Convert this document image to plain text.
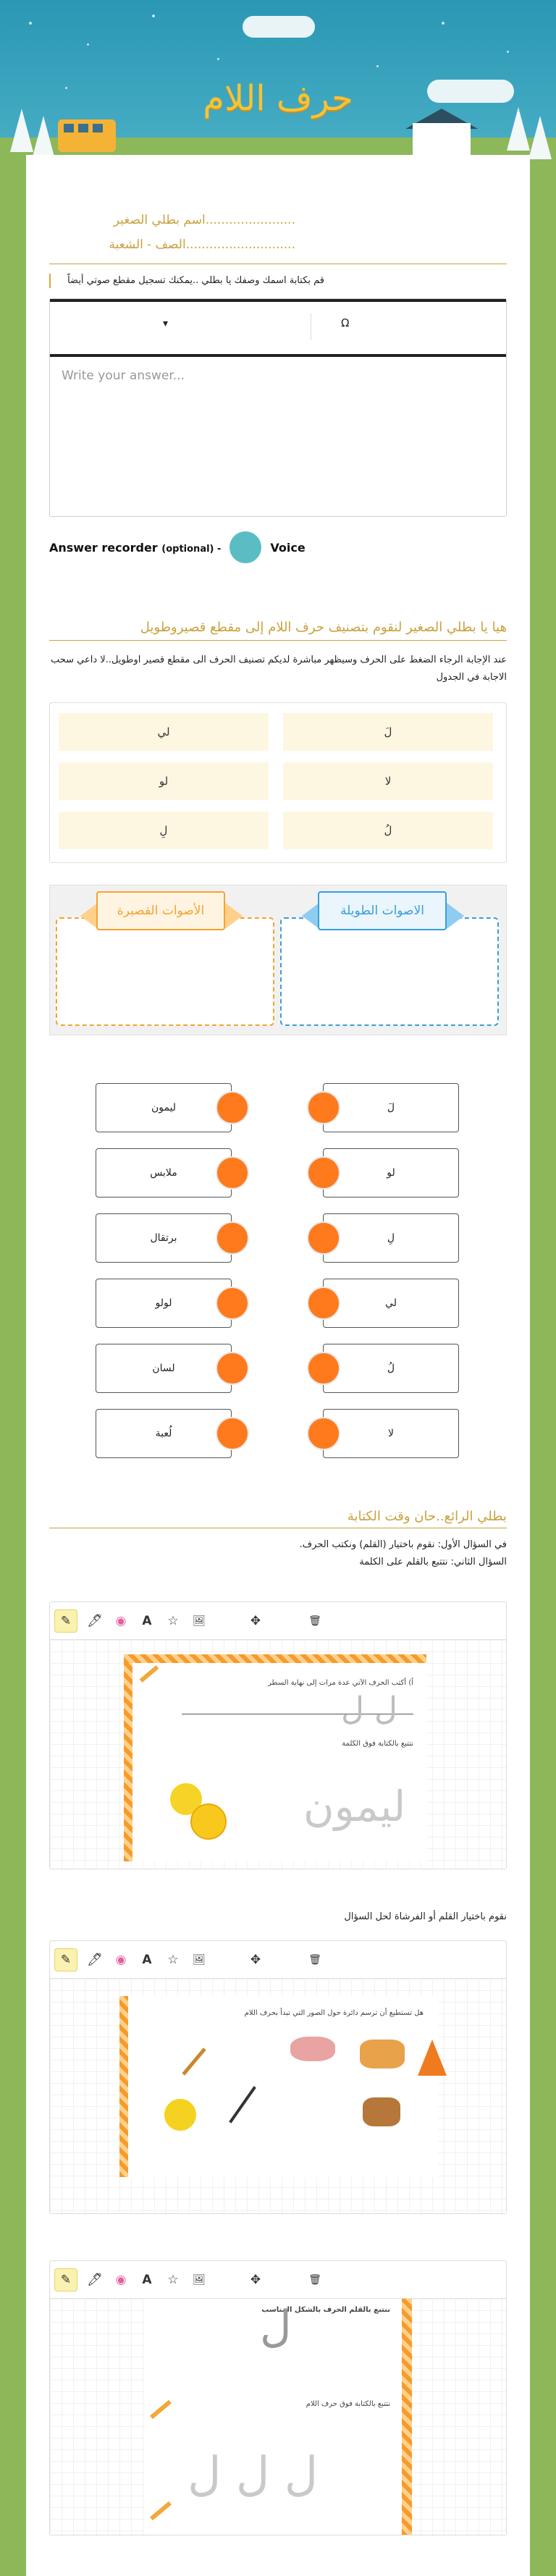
حرف اللام
.......................اسم بطلي الصغير
............................الصف - الشعبة
قم بكتابة اسمك وصفك يا بطلي ..يمكنك تسجيل مقطع صوتي أيضاً
▾	Ω
Write your answer...
Answer recorder (optional) -	Voice
هيا يا بطلي الصغير لنقوم بتصنيف حرف اللام إلى مقطع قصيروطويل
عند الإجابة الرجاء الضغط على الحرف وسيظهر مباشرة لديكم تصنيف الحرف الى مقطع قصير اوطويل..لا داعي سحب الاجابة في الجدول
لَ
لي
لا
لو
لُ
لِ
الاصوات الطويلة
الأصوات القصيرة
لَ
ليمون
لو
ملابس
لِ
برتقال
لي
لولو
لُ
لسان
لا
لُعبة
بطلي الرائع..حان وقت الكتابة
في السؤال الأول: نقوم باختيار (القلم) ونكتب الحرف.
السؤال الثاني: نتتبع بالقلم على الكلمة
✎	🖊	◉	A	☆	🖼	✥	🗑
أ) أكتب الحرف الآتي عدة مرات إلى نهاية السطر
ل ل
نتتبع بالكتابة فوق الكلمة
ليمون
نقوم باختيار القلم أو الفرشاة لحل السؤال
✎	🖊	◉	A	☆	🖼	✥	🗑
هل تستطيع أن ترسم دائرة حول الصور التي تبدأ بحرف اللام
✎	🖊	◉	A	☆	🖼	✥	🗑
ننتبع بالقلم الحرف بالشكل المناسب
ل
نتتبع بالكتابة فوق حرف اللام
ل ل ل
